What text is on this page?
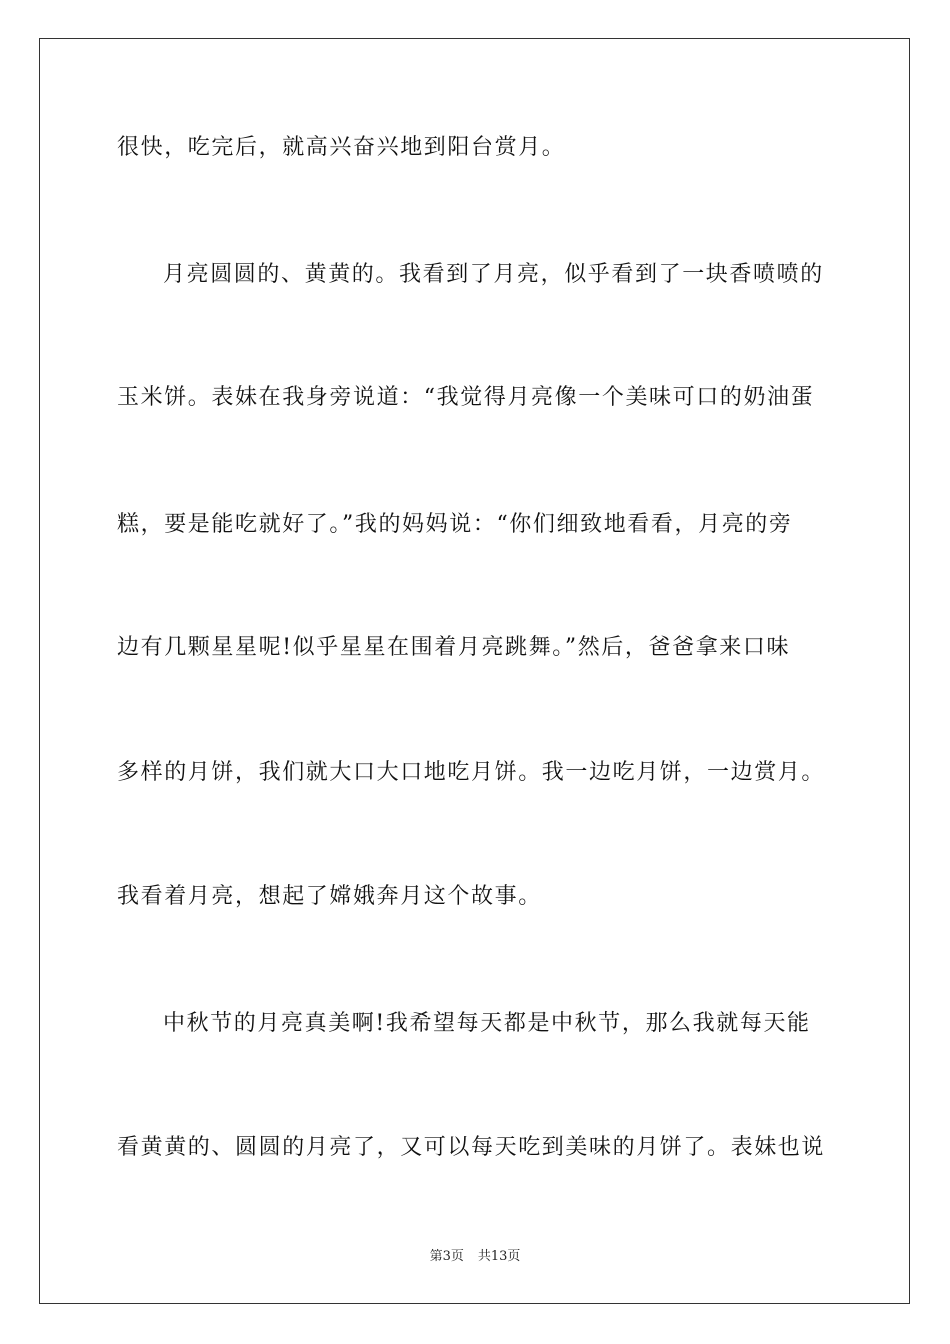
很快，吃完后，就高兴奋兴地到阳台赏月。
月亮圆圆的、黄黄的。我看到了月亮，似乎看到了一块香喷喷的
玉米饼。表妹在我身旁说道：“我觉得月亮像一个美味可口的奶油蛋
糕，要是能吃就好了。”我的妈妈说：“你们细致地看看，月亮的旁
边有几颗星星呢!似乎星星在围着月亮跳舞。”然后，爸爸拿来口味
多样的月饼，我们就大口大口地吃月饼。我一边吃月饼，一边赏月。
我看着月亮，想起了嫦娥奔月这个故事。
中秋节的月亮真美啊!我希望每天都是中秋节，那么我就每天能
看黄黄的、圆圆的月亮了，又可以每天吃到美味的月饼了。表妹也说
第3页 共13页
